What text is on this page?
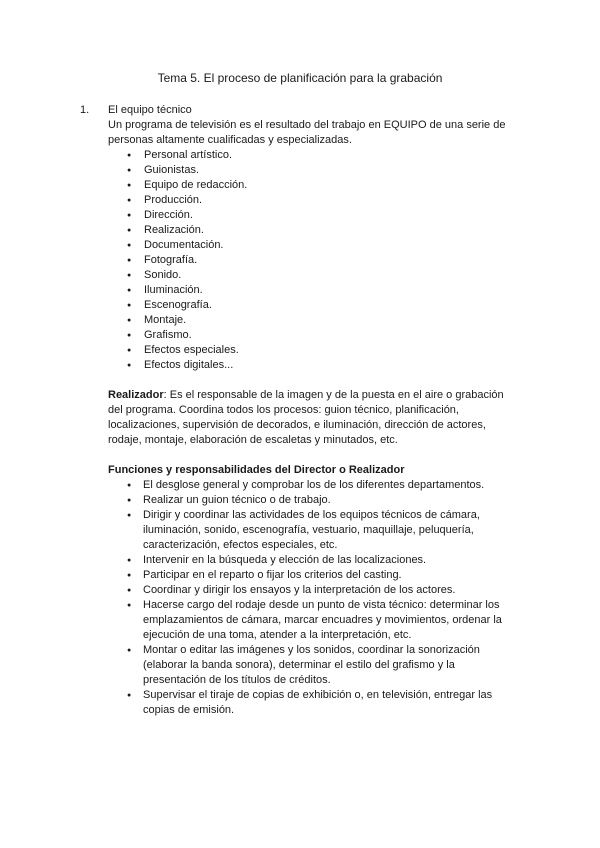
Tema 5. El proceso de planificación para la grabación
1.	El equipo técnico
Un programa de televisión es el resultado del trabajo en EQUIPO de una serie de personas altamente cualificadas y especializadas.
● Personal artístico.
● Guionistas.
● Equipo de redacción.
● Producción.
● Dirección.
● Realización.
● Documentación.
● Fotografía.
● Sonido.
● Iluminación.
● Escenografía.
● Montaje.
● Grafismo.
● Efectos especiales.
● Efectos digitales...
Realizador: Es el responsable de la imagen y de la puesta en el aire o grabación del programa. Coordina todos los procesos: guion técnico, planificación, localizaciones, supervisión de decorados, e iluminación, dirección de actores, rodaje, montaje, elaboración de escaletas y minutados, etc.
Funciones y responsabilidades del Director o Realizador
● El desglose general y comprobar los de los diferentes departamentos.
● Realizar un guion técnico o de trabajo.
● Dirigir y coordinar las actividades de los equipos técnicos de cámara, iluminación, sonido, escenografía, vestuario, maquillaje, peluquería, caracterización, efectos especiales, etc.
● Intervenir en la búsqueda y elección de las localizaciones.
● Participar en el reparto o fijar los criterios del casting.
● Coordinar y dirigir los ensayos y la interpretación de los actores.
● Hacerse cargo del rodaje desde un punto de vista técnico: determinar los emplazamientos de cámara, marcar encuadres y movimientos, ordenar la ejecución de una toma, atender a la interpretación, etc.
● Montar o editar las imágenes y los sonidos, coordinar la sonorización (elaborar la banda sonora), determinar el estilo del grafismo y la presentación de los títulos de créditos.
● Supervisar el tiraje de copias de exhibición o, en televisión, entregar las copias de emisión.
